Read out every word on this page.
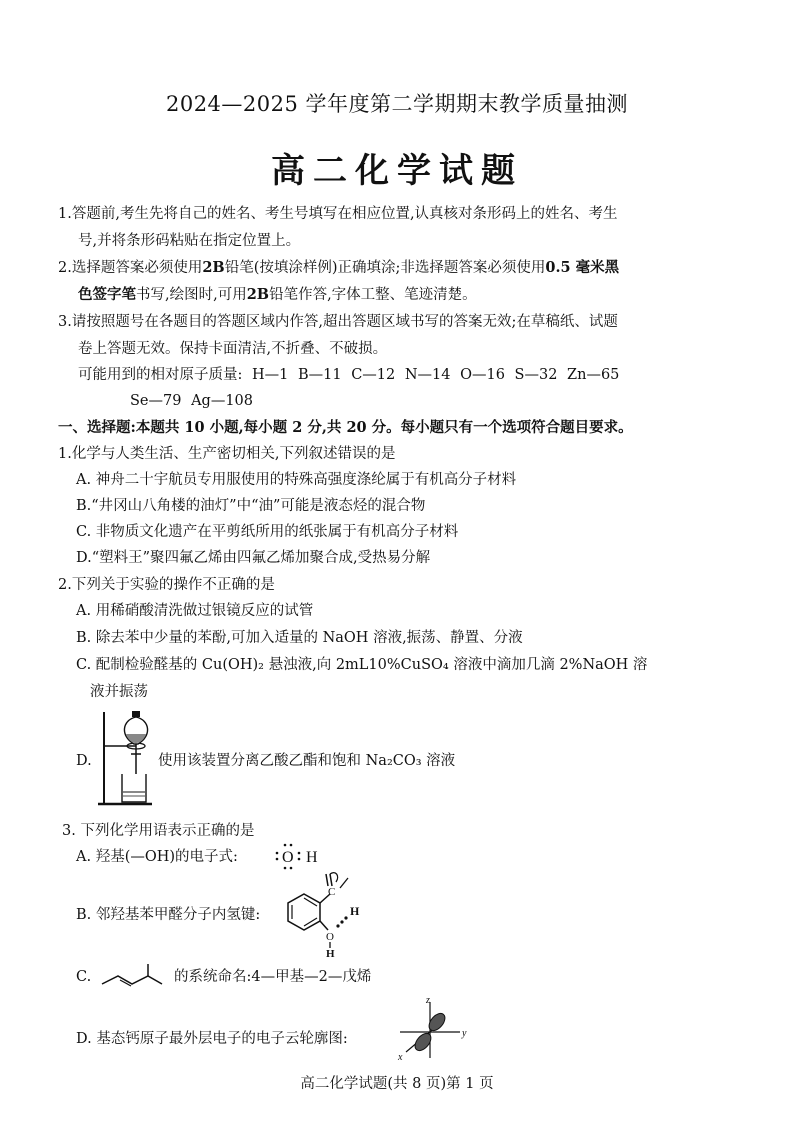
2024—2025 学年度第二学期期末教学质量抽测
高二化学试题
1.答题前,考生先将自己的姓名、考生号填写在相应位置,认真核对条形码上的姓名、考生
号,并将条形码粘贴在指定位置上。
2.选择题答案必须使用2B铅笔(按填涂样例)正确填涂;非选择题答案必须使用0.5 毫米黑
色签字笔书写,绘图时,可用2B铅笔作答,字体工整、笔迹清楚。
3.请按照题号在各题目的答题区域内作答,超出答题区域书写的答案无效;在草稿纸、试题
卷上答题无效。保持卡面清洁,不折叠、不破损。
可能用到的相对原子质量: H—1 B—11 C—12 N—14 O—16 S—32 Zn—65
Se—79 Ag—108
一、选择题:本题共 10 小题,每小题 2 分,共 20 分。每小题只有一个选项符合题目要求。
1.化学与人类生活、生产密切相关,下列叙述错误的是
A. 神舟二十宇航员专用服使用的特殊高强度涤纶属于有机高分子材料
B.“井冈山八角楼的油灯”中“油”可能是液态烃的混合物
C. 非物质文化遗产在平剪纸所用的纸张属于有机高分子材料
D.“塑料王”聚四氟乙烯由四氟乙烯加聚合成,受热易分解
2.下列关于实验的操作不正确的是
A. 用稀硝酸清洗做过银镜反应的试管
B. 除去苯中少量的苯酚,可加入适量的 NaOH 溶液,振荡、静置、分液
C. 配制检验醛基的 Cu(OH)₂ 悬浊液,向 2mL10%CuSO₄ 溶液中滴加几滴 2%NaOH 溶
液并振荡
D.	使用该装置分离乙酸乙酯和饱和 Na₂CO₃ 溶液
3. 下列化学用语表示正确的是
A. 羟基(—OH)的电子式:	O H
B. 邻羟基苯甲醛分子内氢键:
C
H
O
H
C.	的系统命名:4—甲基—2—戊烯
D. 基态钙原子最外层电子的电子云轮廓图:
z
y
x
高二化学试题(共 8 页)第 1 页
